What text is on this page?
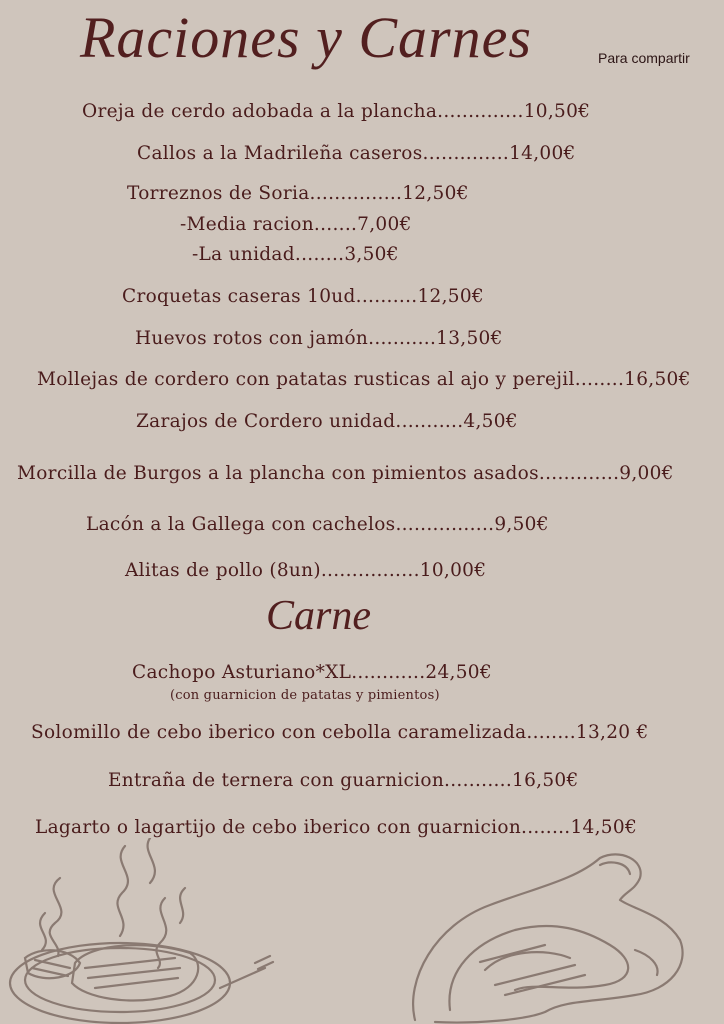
Raciones y Carnes	Para compartir
Oreja de cerdo adobada a la plancha..............10,50€
Callos a la Madrileña caseros..............14,00€
Torreznos de Soria...............12,50€
-Media racion.......7,00€
-La unidad........3,50€
Croquetas caseras 10ud..........12,50€
Huevos rotos con jamón...........13,50€
Mollejas de cordero con patatas rusticas al ajo y perejil........16,50€
Zarajos de Cordero unidad...........4,50€
Morcilla de Burgos a la plancha con pimientos asados.............9,00€
Lacón a la Gallega con cachelos................9,50€
Alitas de pollo (8un)................10,00€
Carne
Cachopo Asturiano*XL............24,50€
(con guarnicion de patatas y pimientos)
Solomillo de cebo iberico con cebolla caramelizada........13,20 €
Entraña de ternera con guarnicion...........16,50€
Lagarto o lagartijo de cebo iberico con guarnicion........14,50€
